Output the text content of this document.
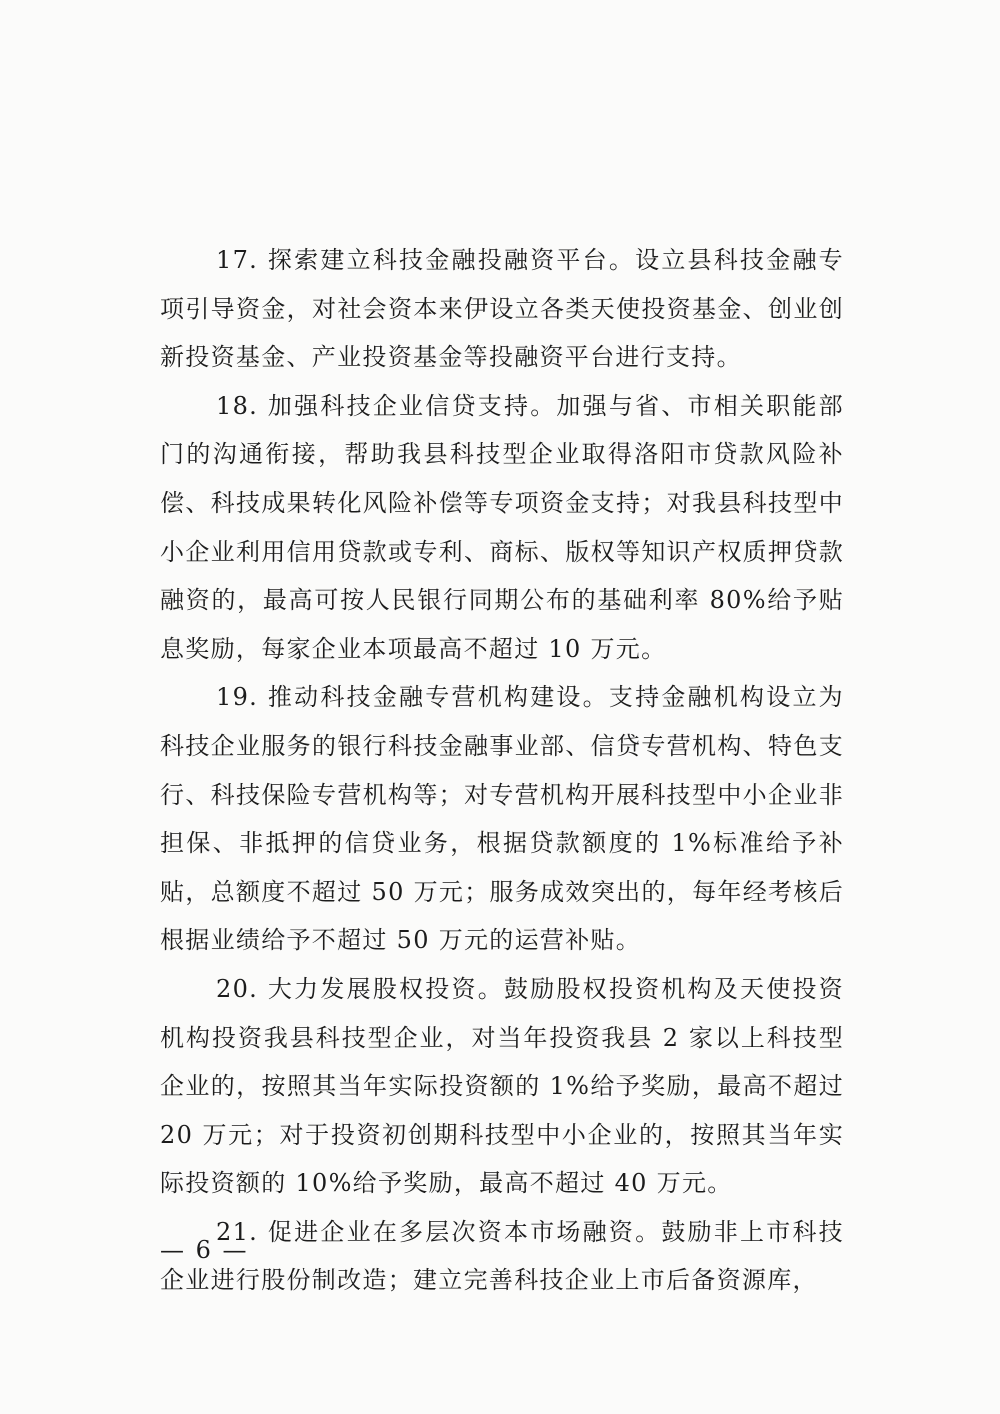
17. 探索建立科技金融投融资平台。设立县科技金融专项引导资金，对社会资本来伊设立各类天使投资基金、创业创新投资基金、产业投资基金等投融资平台进行支持。

18. 加强科技企业信贷支持。加强与省、市相关职能部门的沟通衔接，帮助我县科技型企业取得洛阳市贷款风险补偿、科技成果转化风险补偿等专项资金支持；对我县科技型中小企业利用信用贷款或专利、商标、版权等知识产权质押贷款融资的，最高可按人民银行同期公布的基础利率 80%给予贴息奖励，每家企业本项最高不超过 10 万元。

19. 推动科技金融专营机构建设。支持金融机构设立为科技企业服务的银行科技金融事业部、信贷专营机构、特色支行、科技保险专营机构等；对专营机构开展科技型中小企业非担保、非抵押的信贷业务，根据贷款额度的 1%标准给予补贴，总额度不超过 50 万元；服务成效突出的，每年经考核后根据业绩给予不超过 50 万元的运营补贴。

20. 大力发展股权投资。鼓励股权投资机构及天使投资机构投资我县科技型企业，对当年投资我县 2 家以上科技型企业的，按照其当年实际投资额的 1%给予奖励，最高不超过 20 万元；对于投资初创期科技型中小企业的，按照其当年实际投资额的 10%给予奖励，最高不超过 40 万元。

21. 促进企业在多层次资本市场融资。鼓励非上市科技企业进行股份制改造；建立完善科技企业上市后备资源库，

— 6 —
